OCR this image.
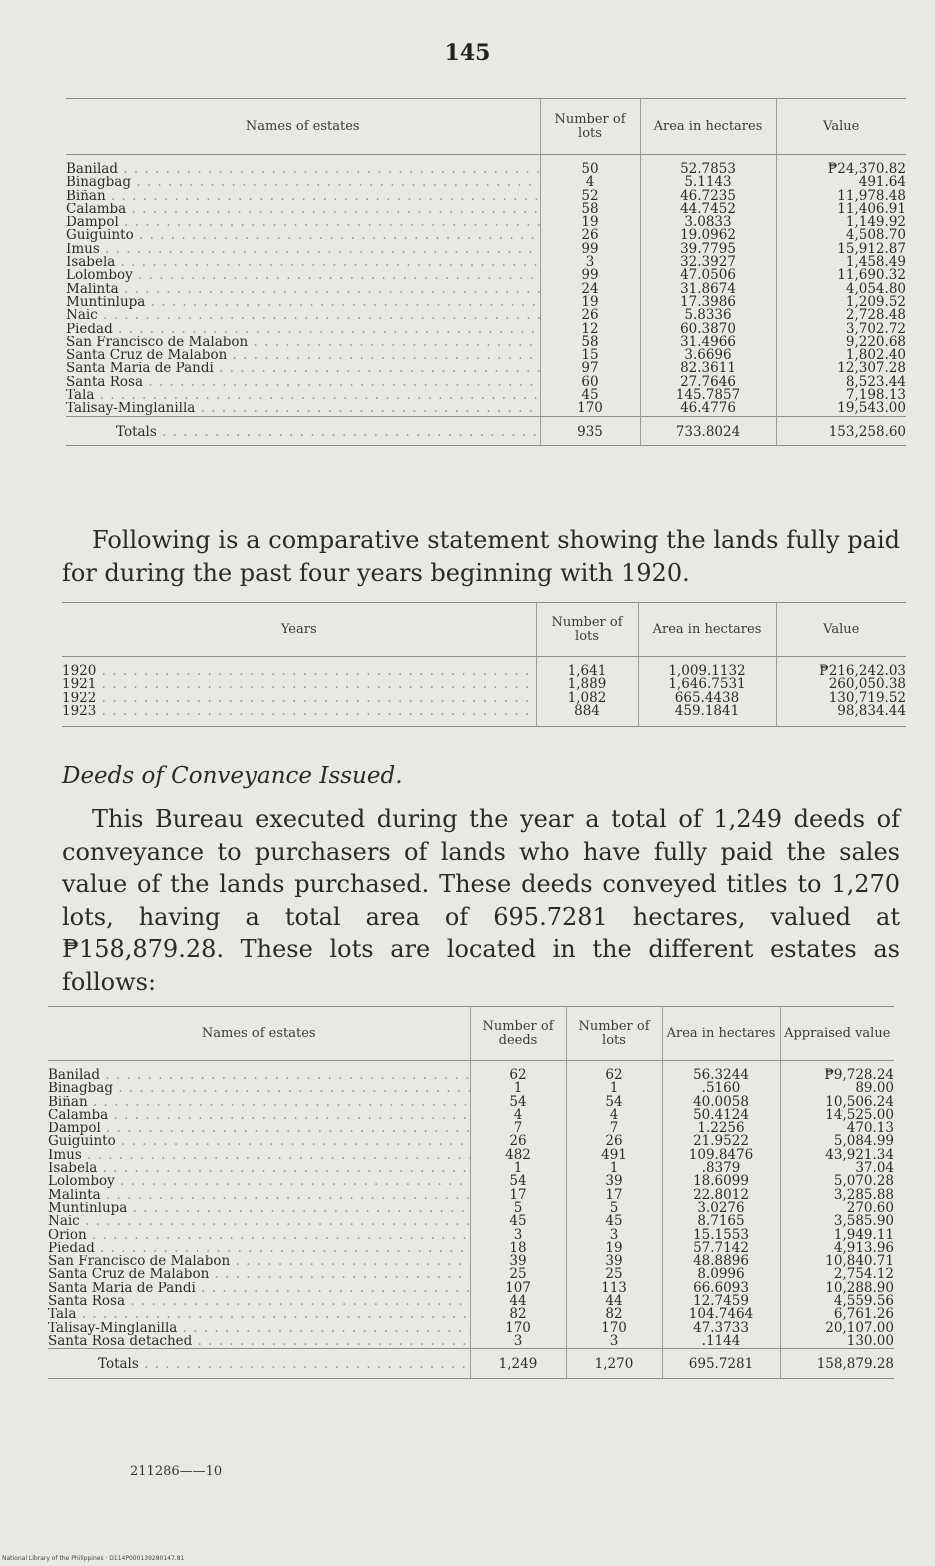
145
Names of estates	Number of lots	Area in hectares	Value
Banilad . . .	50	52.7853	₱24,370.82
Binagbag . . .	4	5.1143	491.64
Biñan . . .	52	46.7235	11,978.48
Calamba . . .	58	44.7452	11,406.91
Dampol . . .	19	3.0833	1,149.92
Guiguinto . . .	26	19.0962	4,508.70
Imus . . .	99	39.7795	15,912.87
Isabela . . .	3	32.3927	1,458.49
Lolomboy . . .	99	47.0506	11,690.32
Malinta . . .	24	31.8674	4,054.80
Muntinlupa . . .	19	17.3986	1,209.52
Naic . . .	26	5.8336	2,728.48
Piedad . . .	12	60.3870	3,702.72
San Francisco de Malabon . . .	58	31.4966	9,220.68
Santa Cruz de Malabon . . .	15	3.6696	1,802.40
Santa Maria de Pandi . . .	97	82.3611	12,307.28
Santa Rosa . . .	60	27.7646	8,523.44
Tala . . .	45	145.7857	7,198.13
Talisay-Minglanilla . . .	170	46.4776	19,543.00
Totals . . .	935	733.8024	153,258.60

Following is a comparative statement showing the lands fully paid for during the past four years beginning with 1920.

Years	Number of lots	Area in hectares	Value
1920 . . .	1,641	1,009.1132	₱216,242.03
1921 . . .	1,889	1,646.7531	260,050.38
1922 . . .	1,082	665.4438	130,719.52
1923 . . .	884	459.1841	98,834.44
Deeds of Conveyance Issued.

This Bureau executed during the year a total of 1,249 deeds of conveyance to purchasers of lands who have fully paid the sales value of the lands purchased. These deeds conveyed titles to 1,270 lots, having a total area of 695.7281 hectares, valued at ₱158,879.28. These lots are located in the different estates as follows:

Names of estates	Number of deeds	Number of lots	Area in hectares	Appraised value
Banilad . . .	62	62	56.3244	₱9,728.24
Binagbag . . .	1	1	.5160	89.00
Biñan . . .	54	54	40.0058	10,506.24
Calamba . . .	4	4	50.4124	14,525.00
Dampol . . .	7	7	1.2256	470.13
Guiguinto . . .	26	26	21.9522	5,084.99
Imus . . .	482	491	109.8476	43,921.34
Isabela . . .	1	1	.8379	37.04
Lolomboy . . .	54	39	18.6099	5,070.28
Malinta . . .	17	17	22.8012	3,285.88
Muntinlupa . . .	5	5	3.0276	270.60
Naic . . .	45	45	8.7165	3,585.90
Orion . . .	3	3	15.1553	1,949.11
Piedad . . .	18	19	57.7142	4,913.96
San Francisco de Malabon . . .	39	39	48.8896	10,840.71
Santa Cruz de Malabon . . .	25	25	8.0996	2,754.12
Santa Maria de Pandi . . .	107	113	66.6093	10,288.90
Santa Rosa . . .	44	44	12.7459	4,559.56
Tala . . .	82	82	104.7464	6,761.26
Talisay-Minglanilla . . .	170	170	47.3733	20,107.00
Santa Rosa detached . . .	3	3	.1144	130.00
Totals . . .	1,249	1,270	695.7281	158,879.28
211286——10
National Library of the Philippines · D114P000139280147.81
